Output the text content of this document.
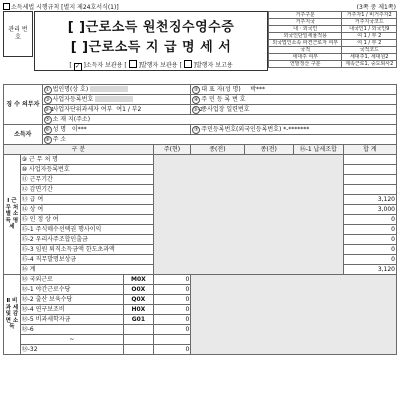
소득세법 시행규칙 [별지 제24호서식(1)]	(3쪽 중 제1쪽)
관리 번호
[ ]근로소득 원천징수영수증
[ ]근로소득 지 급 명 세 서
[ ✓ ]소득자 보관용 [  ]발행자 보관용 [  ]발행자 보고용
거주구분	거주자1 / 비거주자2
거주지국	거주지국코드
내ㆍ외국인	내국인1 / 외국인9
외국인단일세율적용	여 1 / 부 2
외국법인소속 파견근로자 여부	여 1 / 부 2
국적	국적코드
세대주 여부	세대주1, 세대원2
연말정산 구분	계속근로1, 중도퇴사2
징 수 의무자		① 법인명(상 호)			② 대 표 자(성 명) 박***			
		③ 사업자등록번호			④ 주 민 등 록 번 호			
		③-1사업자단위과세자 여부 여1 / 부2			③-2종사업장 일련번호			
		⑤ 소 재 지(주소)						
소득자		⑥ 성 명 이***			⑦ 주민등록번호(외국인등록번호) *-*******			
		⑧ 주 소						
구 분				주(현)	종(전)	종(전)	⑯-1 납세조합	합 계
Ⅰ 근 무 처 별 소 득 명 세	⑨ 근 무 처 명							
	⑩ 사업자등록번호							
	⑪ 근무기간							
	⑫ 감면기간							
	⑬ 급 여							3,120
	⑭ 상 여							3,000
	⑮ 인 정 상 여							0
	⑮-1 주식매수선택권 행사이익							0
	⑮-2 우리사주조합인출금							0
	⑮-3 임원 퇴직소득금액 한도초과액							0
	⑮-4 직무발명보상금							0
	⑯ 계							3,120
Ⅱ 비 과 세 및 감 면 소 득	⑱ 국외근로		M0X	0				
	⑱-1 야간근로수당		O0X	0				
	⑱-2 출산 보육수당		Q0X	0				
	⑱-4 연구보조비		H0X	0				
	⑱-5 비과세학자금		G01	0				
	⑱-6			0				
	~							
	⑱-32			0				
